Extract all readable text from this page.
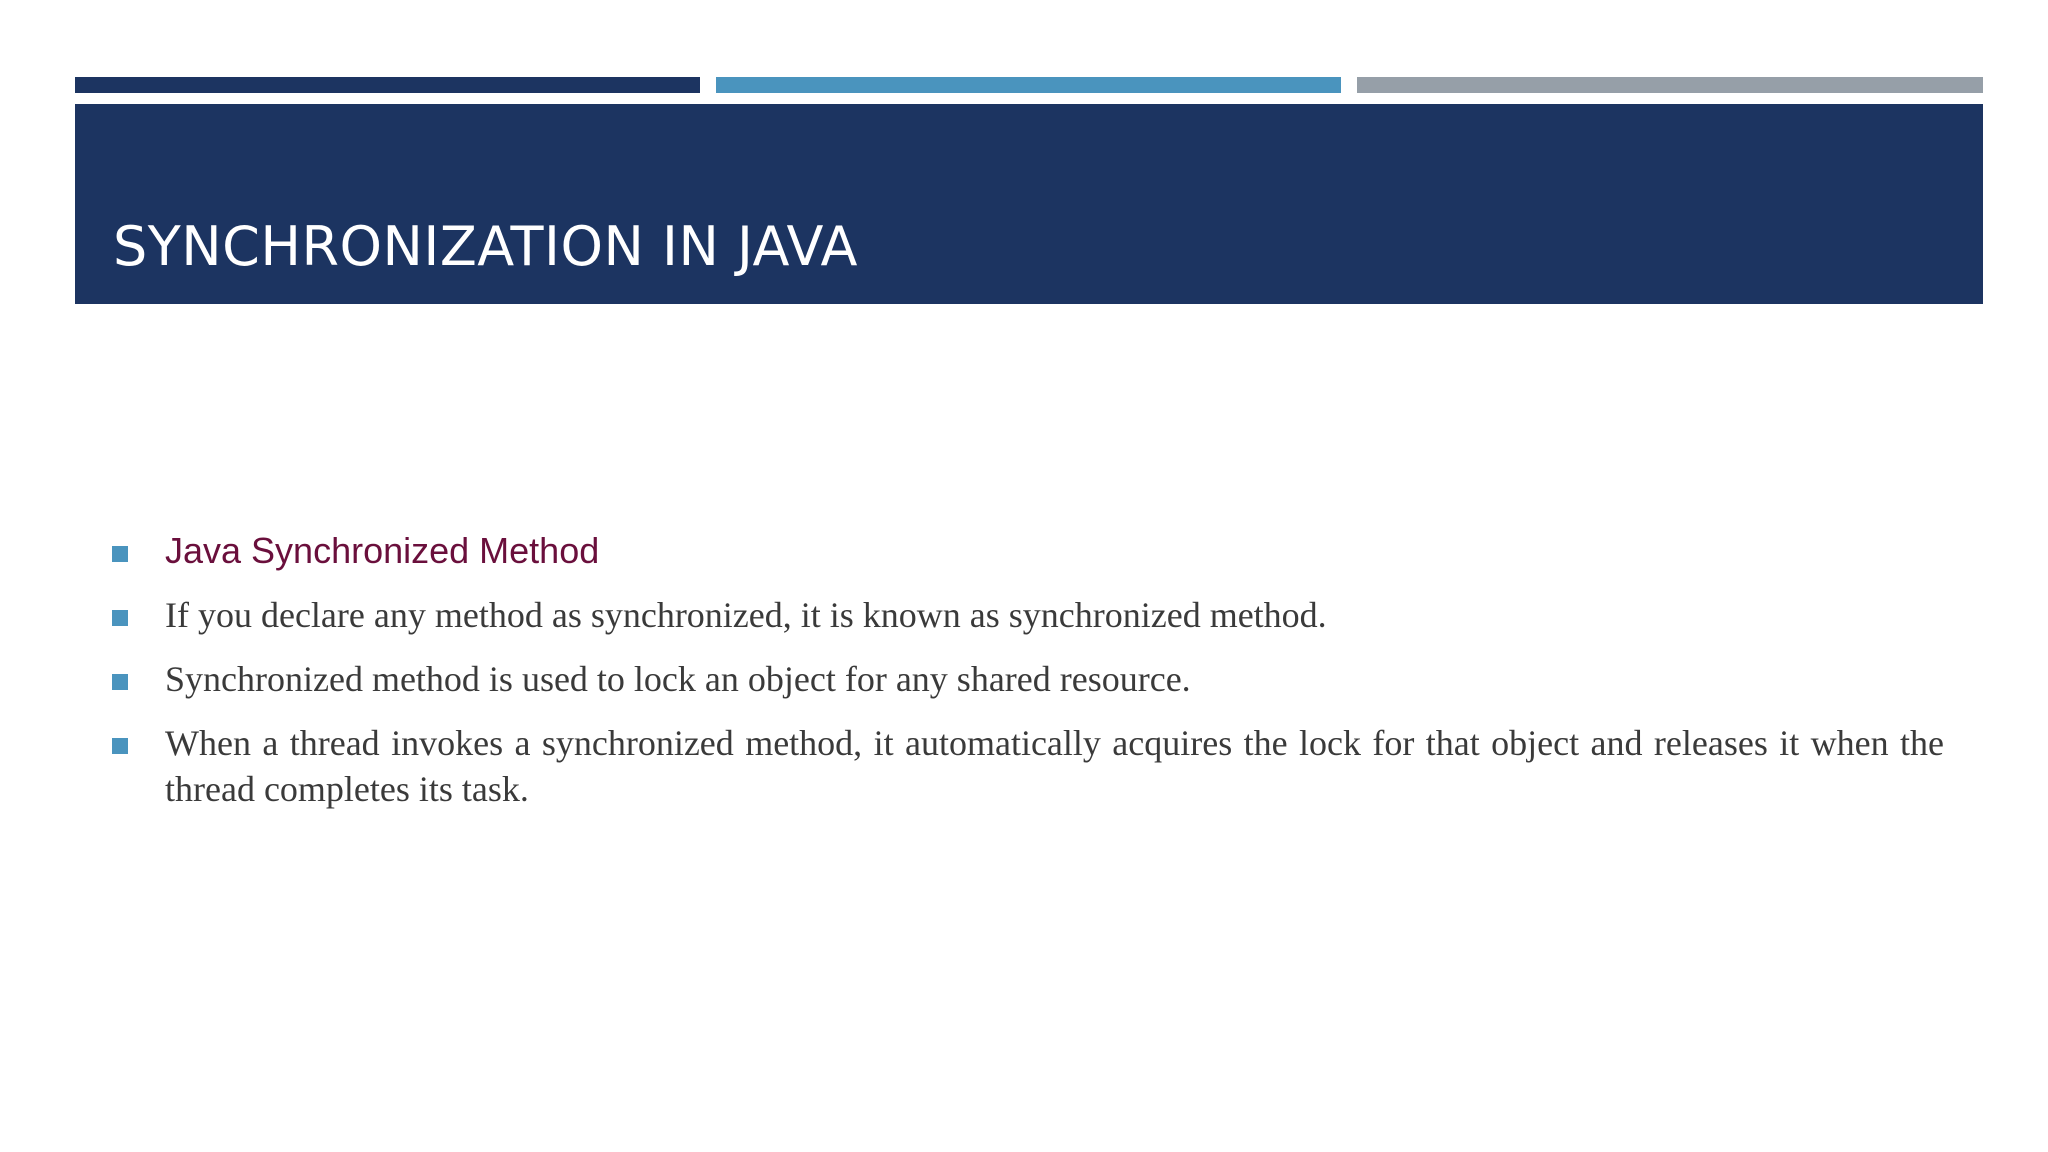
SYNCHRONIZATION IN JAVA
Java Synchronized Method
If you declare any method as synchronized, it is known as synchronized method.
Synchronized method is used to lock an object for any shared resource.
When a thread invokes a synchronized method, it automatically acquires the lock for that object and releases it when the thread completes its task.
